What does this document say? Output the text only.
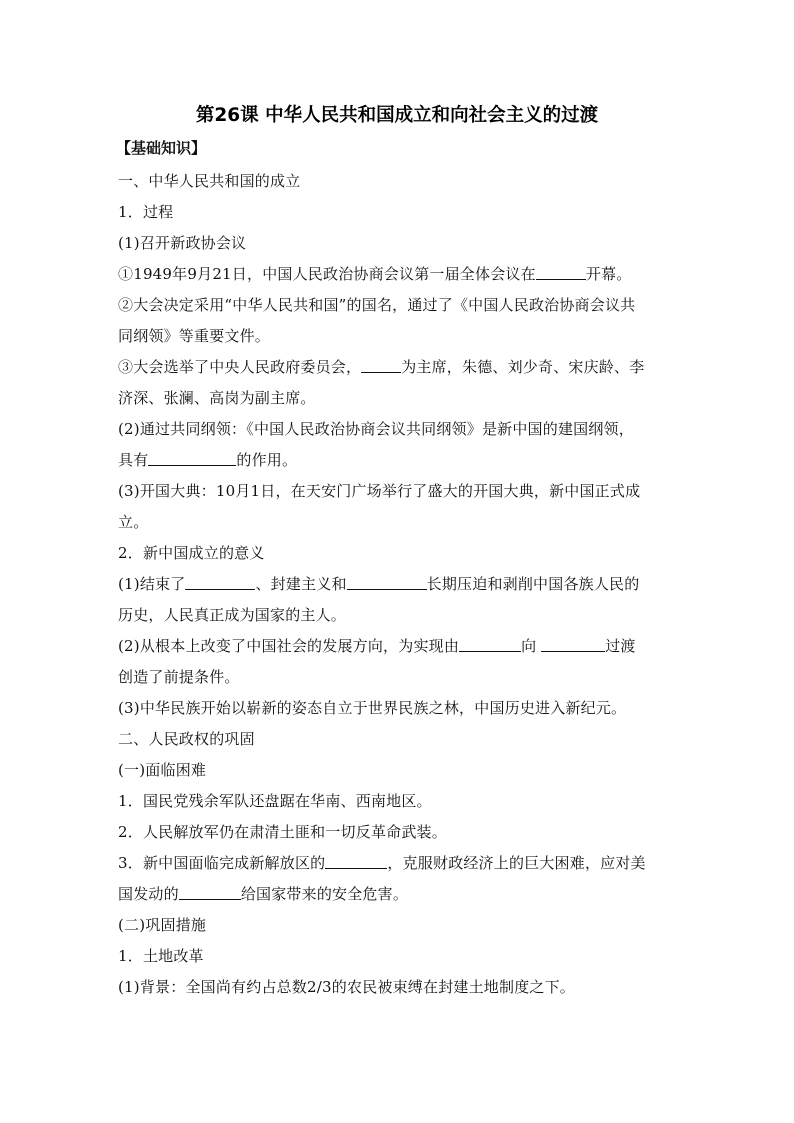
第26课 中华人民共和国成立和向社会主义的过渡
【基础知识】
一、中华人民共和国的成立
1．过程
(1)召开新政协会议
①1949年9月21日，中国人民政治协商会议第一届全体会议在	开幕。
②大会决定采用“中华人民共和国”的国名，通过了《中国人民政治协商会议共
同纲领》等重要文件。
③大会选举了中央人民政府委员会，	为主席，朱德、刘少奇、宋庆龄、李
济深、张澜、高岗为副主席。
(2)通过共同纲领：《中国人民政治协商会议共同纲领》是新中国的建国纲领，
具有	的作用。
(3)开国大典：10月1日，在天安门广场举行了盛大的开国大典，新中国正式成
立。
2．新中国成立的意义
(1)结束了	、封建主义和	长期压迫和剥削中国各族人民的
历史，人民真正成为国家的主人。
(2)从根本上改变了中国社会的发展方向，为实现由	向	过渡
创造了前提条件。
(3)中华民族开始以崭新的姿态自立于世界民族之林，中国历史进入新纪元。
二、人民政权的巩固
(一)面临困难
1．国民党残余军队还盘踞在华南、西南地区。
2．人民解放军仍在肃清土匪和一切反革命武装。
3．新中国面临完成新解放区的	，克服财政经济上的巨大困难，应对美
国发动的	给国家带来的安全危害。
(二)巩固措施
1．土地改革
(1)背景：全国尚有约占总数2/3的农民被束缚在封建土地制度之下。
